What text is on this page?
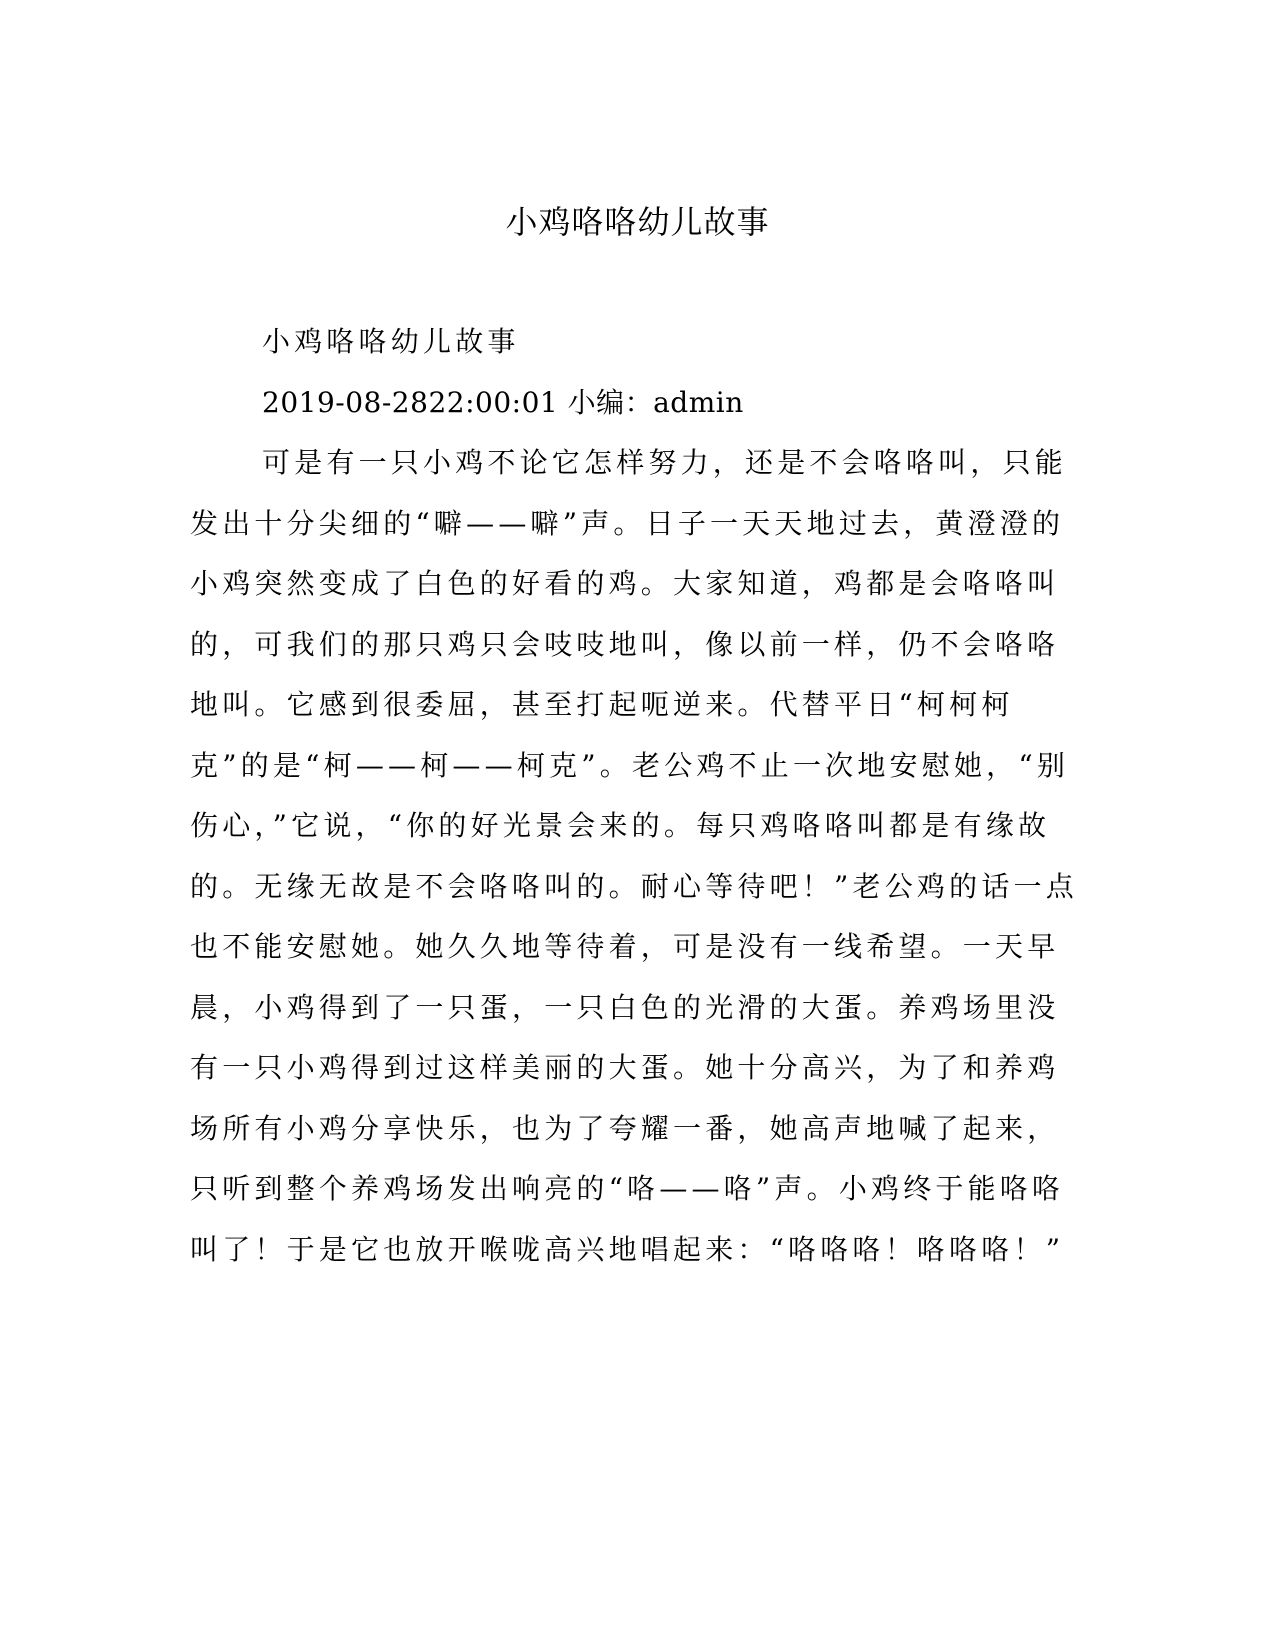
小鸡咯咯幼儿故事

小鸡咯咯幼儿故事

2019-08-2822:00:01 小编：admin

可是有一只小鸡不论它怎样努力，还是不会咯咯叫，只能发出十分尖细的“噼——噼”声。日子一天天地过去，黄澄澄的小鸡突然变成了白色的好看的鸡。大家知道，鸡都是会咯咯叫的，可我们的那只鸡只会吱吱地叫，像以前一样，仍不会咯咯地叫。它感到很委屈，甚至打起呃逆来。代替平日“柯柯柯克”的是“柯——柯——柯克”。老公鸡不止一次地安慰她，“别伤心，”它说，“你的好光景会来的。每只鸡咯咯叫都是有缘故的。无缘无故是不会咯咯叫的。耐心等待吧！”老公鸡的话一点也不能安慰她。她久久地等待着，可是没有一线希望。一天早晨，小鸡得到了一只蛋，一只白色的光滑的大蛋。养鸡场里没有一只小鸡得到过这样美丽的大蛋。她十分高兴，为了和养鸡场所有小鸡分享快乐，也为了夸耀一番，她高声地喊了起来，只听到整个养鸡场发出响亮的“咯——咯”声。小鸡终于能咯咯叫了！于是它也放开喉咙高兴地唱起来：“咯咯咯！咯咯咯！”
